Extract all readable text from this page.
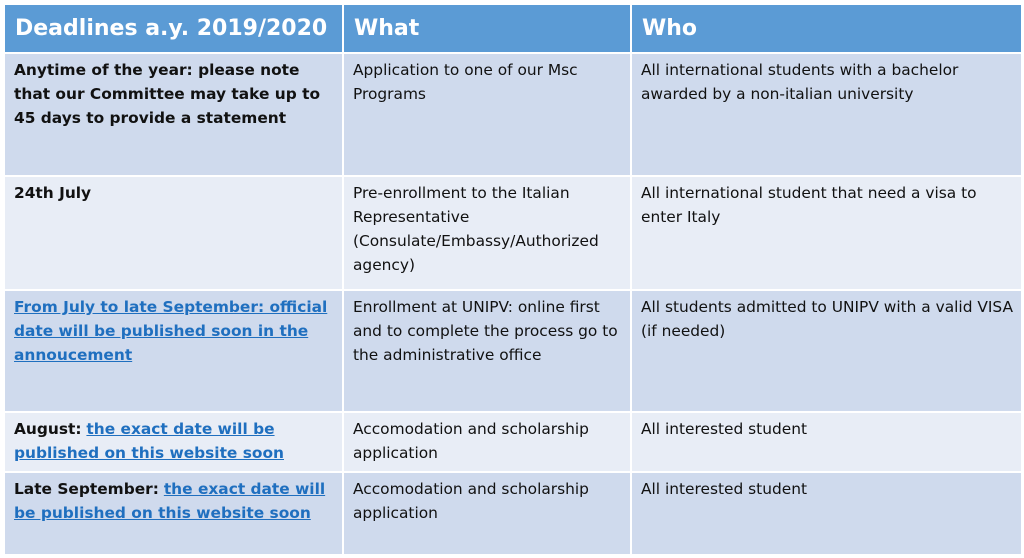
Deadlines a.y. 2019/2020	What	Who
Anytime of the year: please note that our Committee may take up to 45 days to provide a statement	Application to one of our Msc Programs	All international students with a bachelor awarded by a non-italian university
24th July	Pre-enrollment to the Italian Representative (Consulate/Embassy/Authorized agency)	All international student that need a visa to enter Italy
From July to late September: official date will be published soon in the annoucement	Enrollment at UNIPV: online first and to complete the process go to the administrative office	All students admitted to UNIPV with a valid VISA (if needed)
August: the exact date will be published on this website soon	Accomodation and scholarship application	All interested student
Late September: the exact date will be published on this website soon	Accomodation and scholarship application	All interested student
